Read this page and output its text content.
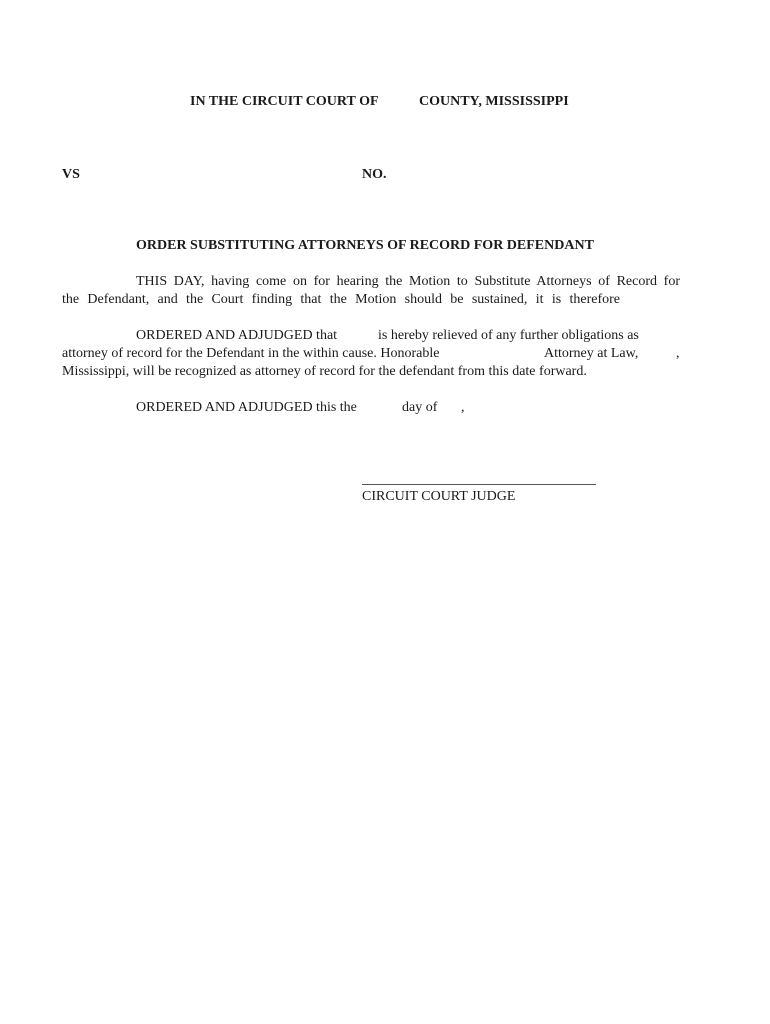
IN THE CIRCUIT COURT OF	COUNTY, MISSISSIPPI
VS	NO.
ORDER SUBSTITUTING ATTORNEYS OF RECORD FOR DEFENDANT
THIS DAY, having come on for hearing the Motion to Substitute Attorneys of Record for
the Defendant, and the Court finding that the Motion should be sustained, it is therefore
ORDERED AND ADJUDGED that	is hereby relieved of any further obligations as
attorney of record for the Defendant in the within cause. Honorable	Attorney at Law,	,
Mississippi, will be recognized as attorney of record for the defendant from this date forward.
ORDERED AND ADJUDGED this the	day of ,
CIRCUIT COURT JUDGE
